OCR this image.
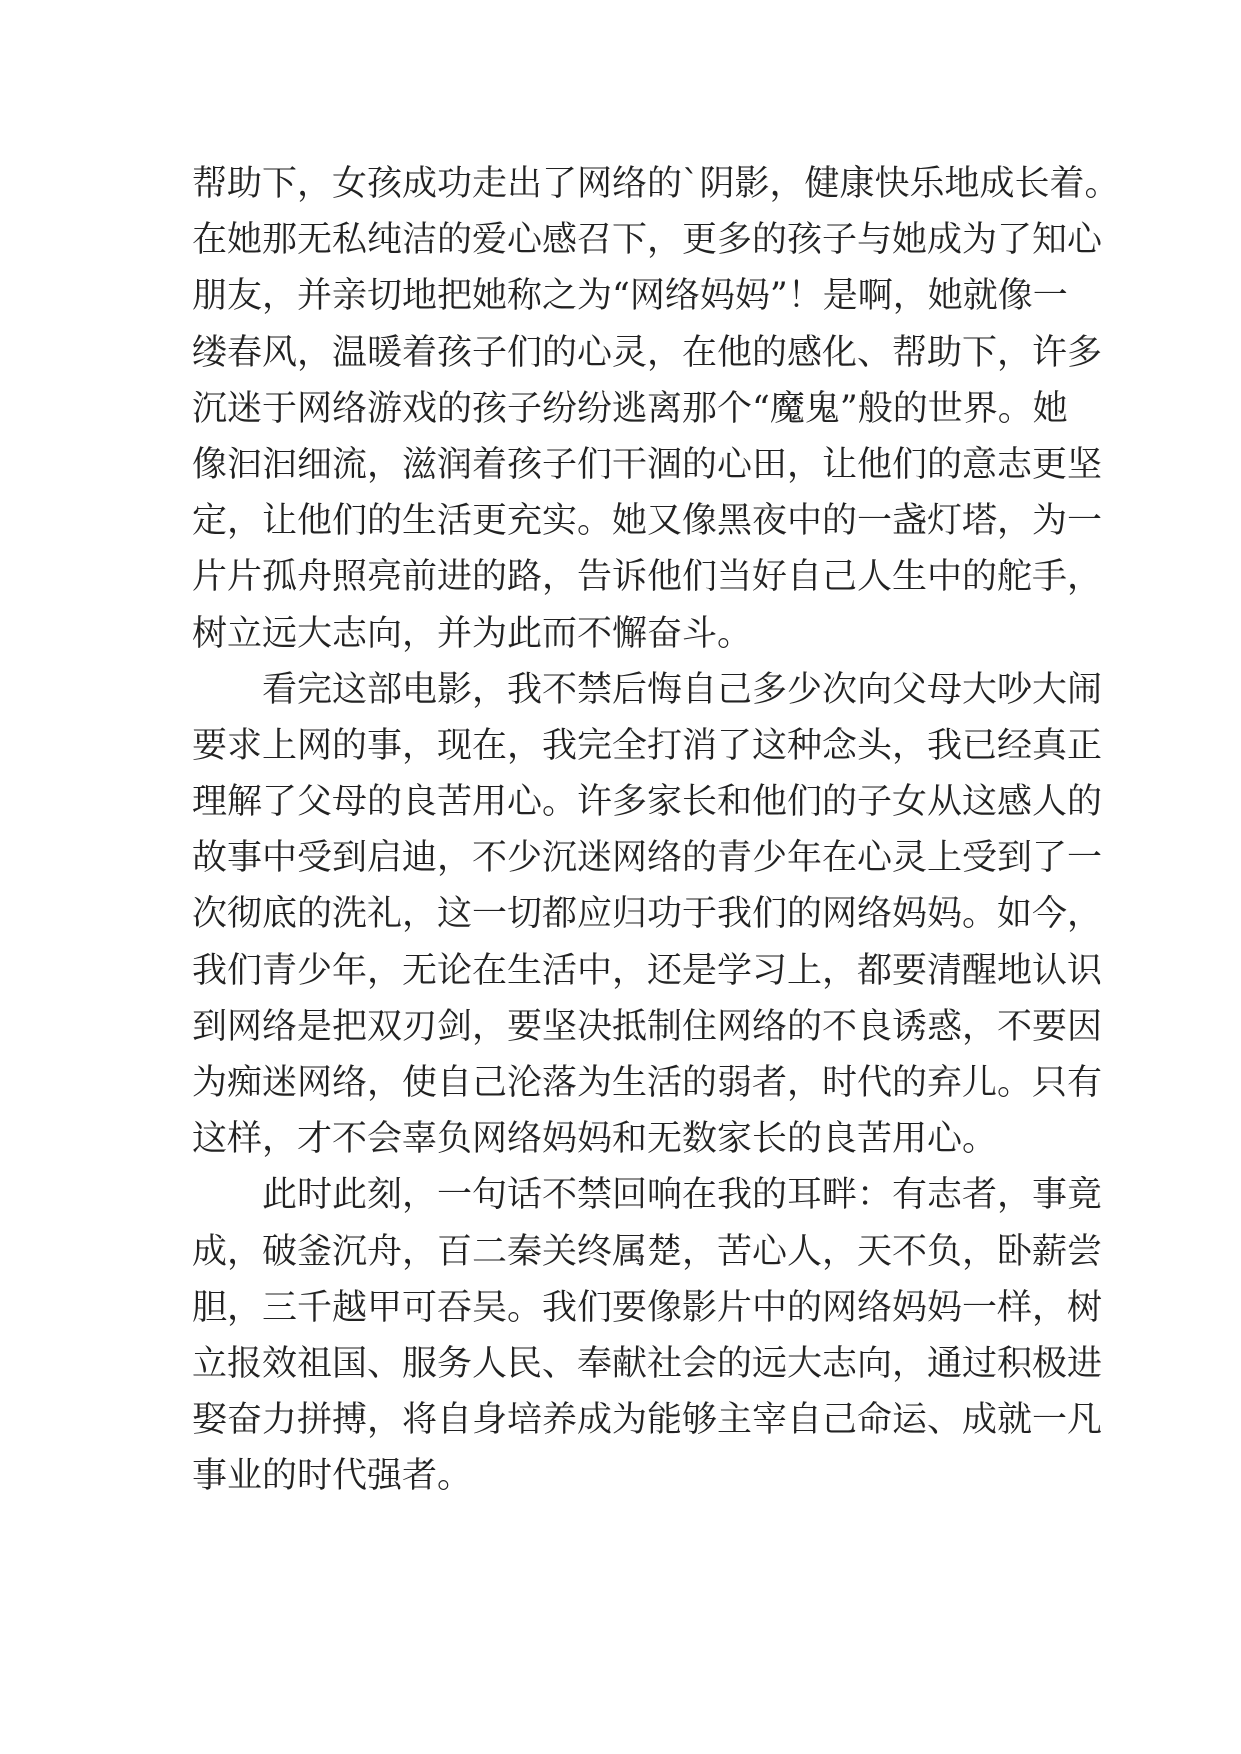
帮助下，女孩成功走出了网络的`阴影，健康快乐地成长着。
在她那无私纯洁的爱心感召下，更多的孩子与她成为了知心
朋友，并亲切地把她称之为“网络妈妈”！是啊，她就像一
缕春风，温暖着孩子们的心灵，在他的感化、帮助下，许多
沉迷于网络游戏的孩子纷纷逃离那个“魔鬼”般的世界。她
像汩汩细流，滋润着孩子们干涸的心田，让他们的意志更坚
定，让他们的生活更充实。她又像黑夜中的一盏灯塔，为一
片片孤舟照亮前进的路，告诉他们当好自己人生中的舵手，
树立远大志向，并为此而不懈奋斗。
看完这部电影，我不禁后悔自己多少次向父母大吵大闹
要求上网的事，现在，我完全打消了这种念头，我已经真正
理解了父母的良苦用心。许多家长和他们的子女从这感人的
故事中受到启迪，不少沉迷网络的青少年在心灵上受到了一
次彻底的洗礼，这一切都应归功于我们的网络妈妈。如今，
我们青少年，无论在生活中，还是学习上，都要清醒地认识
到网络是把双刃剑，要坚决抵制住网络的不良诱惑，不要因
为痴迷网络，使自己沦落为生活的弱者，时代的弃儿。只有
这样，才不会辜负网络妈妈和无数家长的良苦用心。
此时此刻，一句话不禁回响在我的耳畔：有志者，事竟
成，破釜沉舟，百二秦关终属楚，苦心人，天不负，卧薪尝
胆，三千越甲可吞吴。我们要像影片中的网络妈妈一样，树
立报效祖国、服务人民、奉献社会的远大志向，通过积极进
娶奋力拼搏，将自身培养成为能够主宰自己命运、成就一凡
事业的时代强者。
